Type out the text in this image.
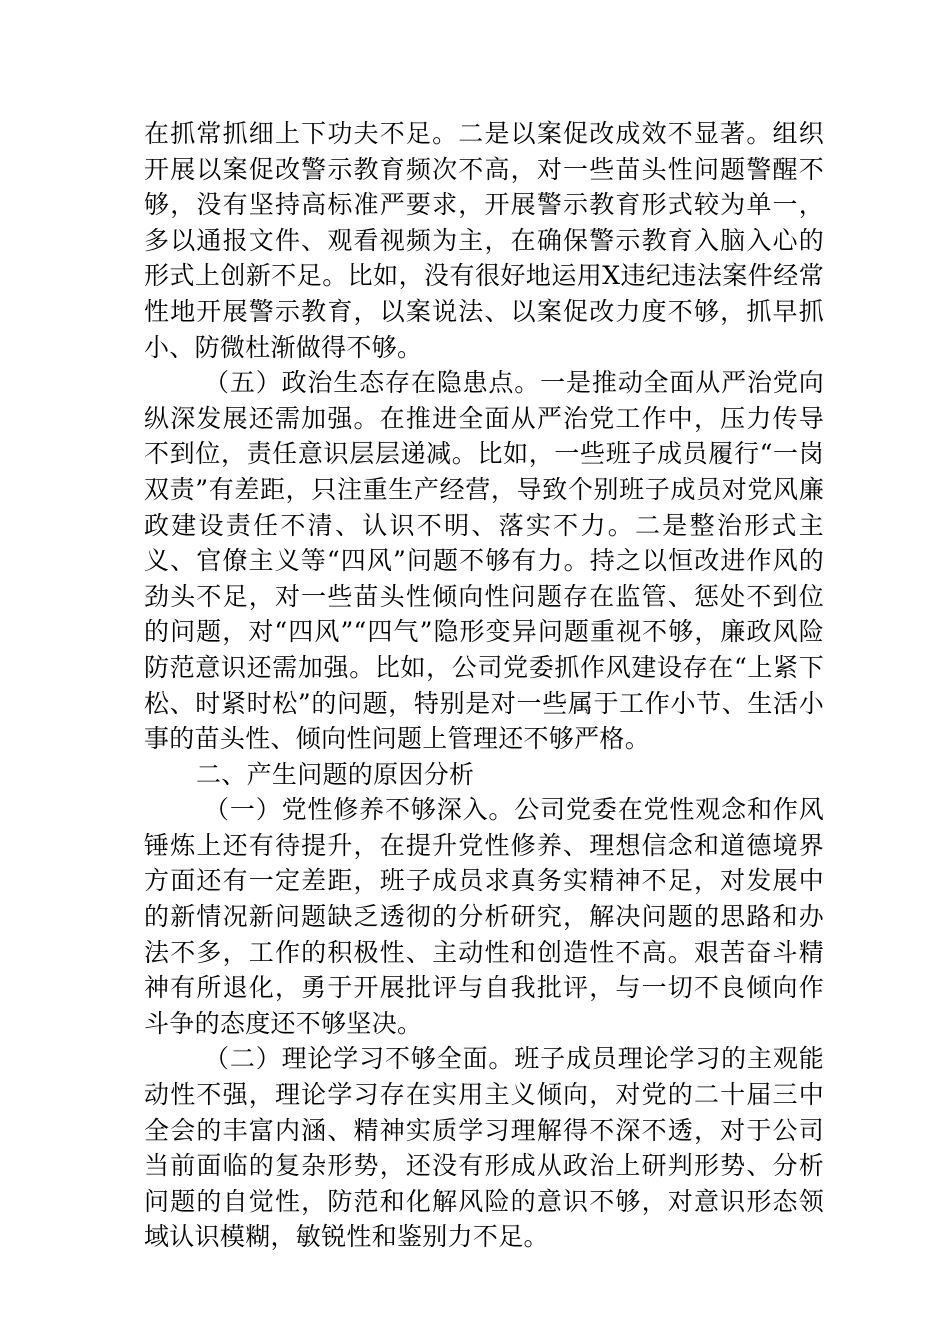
在抓常抓细上下功夫不足。二是以案促改成效不显著。组织开展以案促改警示教育频次不高，对一些苗头性问题警醒不够，没有坚持高标准严要求，开展警示教育形式较为单一，多以通报文件、观看视频为主，在确保警示教育入脑入心的形式上创新不足。比如，没有很好地运用X违纪违法案件经常性地开展警示教育，以案说法、以案促改力度不够，抓早抓小、防微杜渐做得不够。

（五）政治生态存在隐患点。一是推动全面从严治党向纵深发展还需加强。在推进全面从严治党工作中，压力传导不到位，责任意识层层递减。比如，一些班子成员履行“一岗双责”有差距，只注重生产经营，导致个别班子成员对党风廉政建设责任不清、认识不明、落实不力。二是整治形式主义、官僚主义等“四风”问题不够有力。持之以恒改进作风的劲头不足，对一些苗头性倾向性问题存在监管、惩处不到位的问题，对“四风”“四气”隐形变异问题重视不够，廉政风险防范意识还需加强。比如，公司党委抓作风建设存在“上紧下松、时紧时松”的问题，特别是对一些属于工作小节、生活小事的苗头性、倾向性问题上管理还不够严格。

二、产生问题的原因分析

（一）党性修养不够深入。公司党委在党性观念和作风锤炼上还有待提升，在提升党性修养、理想信念和道德境界方面还有一定差距，班子成员求真务实精神不足，对发展中的新情况新问题缺乏透彻的分析研究，解决问题的思路和办法不多，工作的积极性、主动性和创造性不高。艰苦奋斗精神有所退化，勇于开展批评与自我批评，与一切不良倾向作斗争的态度还不够坚决。

（二）理论学习不够全面。班子成员理论学习的主观能动性不强，理论学习存在实用主义倾向，对党的二十届三中全会的丰富内涵、精神实质学习理解得不深不透，对于公司当前面临的复杂形势，还没有形成从政治上研判形势、分析问题的自觉性，防范和化解风险的意识不够，对意识形态领域认识模糊，敏锐性和鉴别力不足。
